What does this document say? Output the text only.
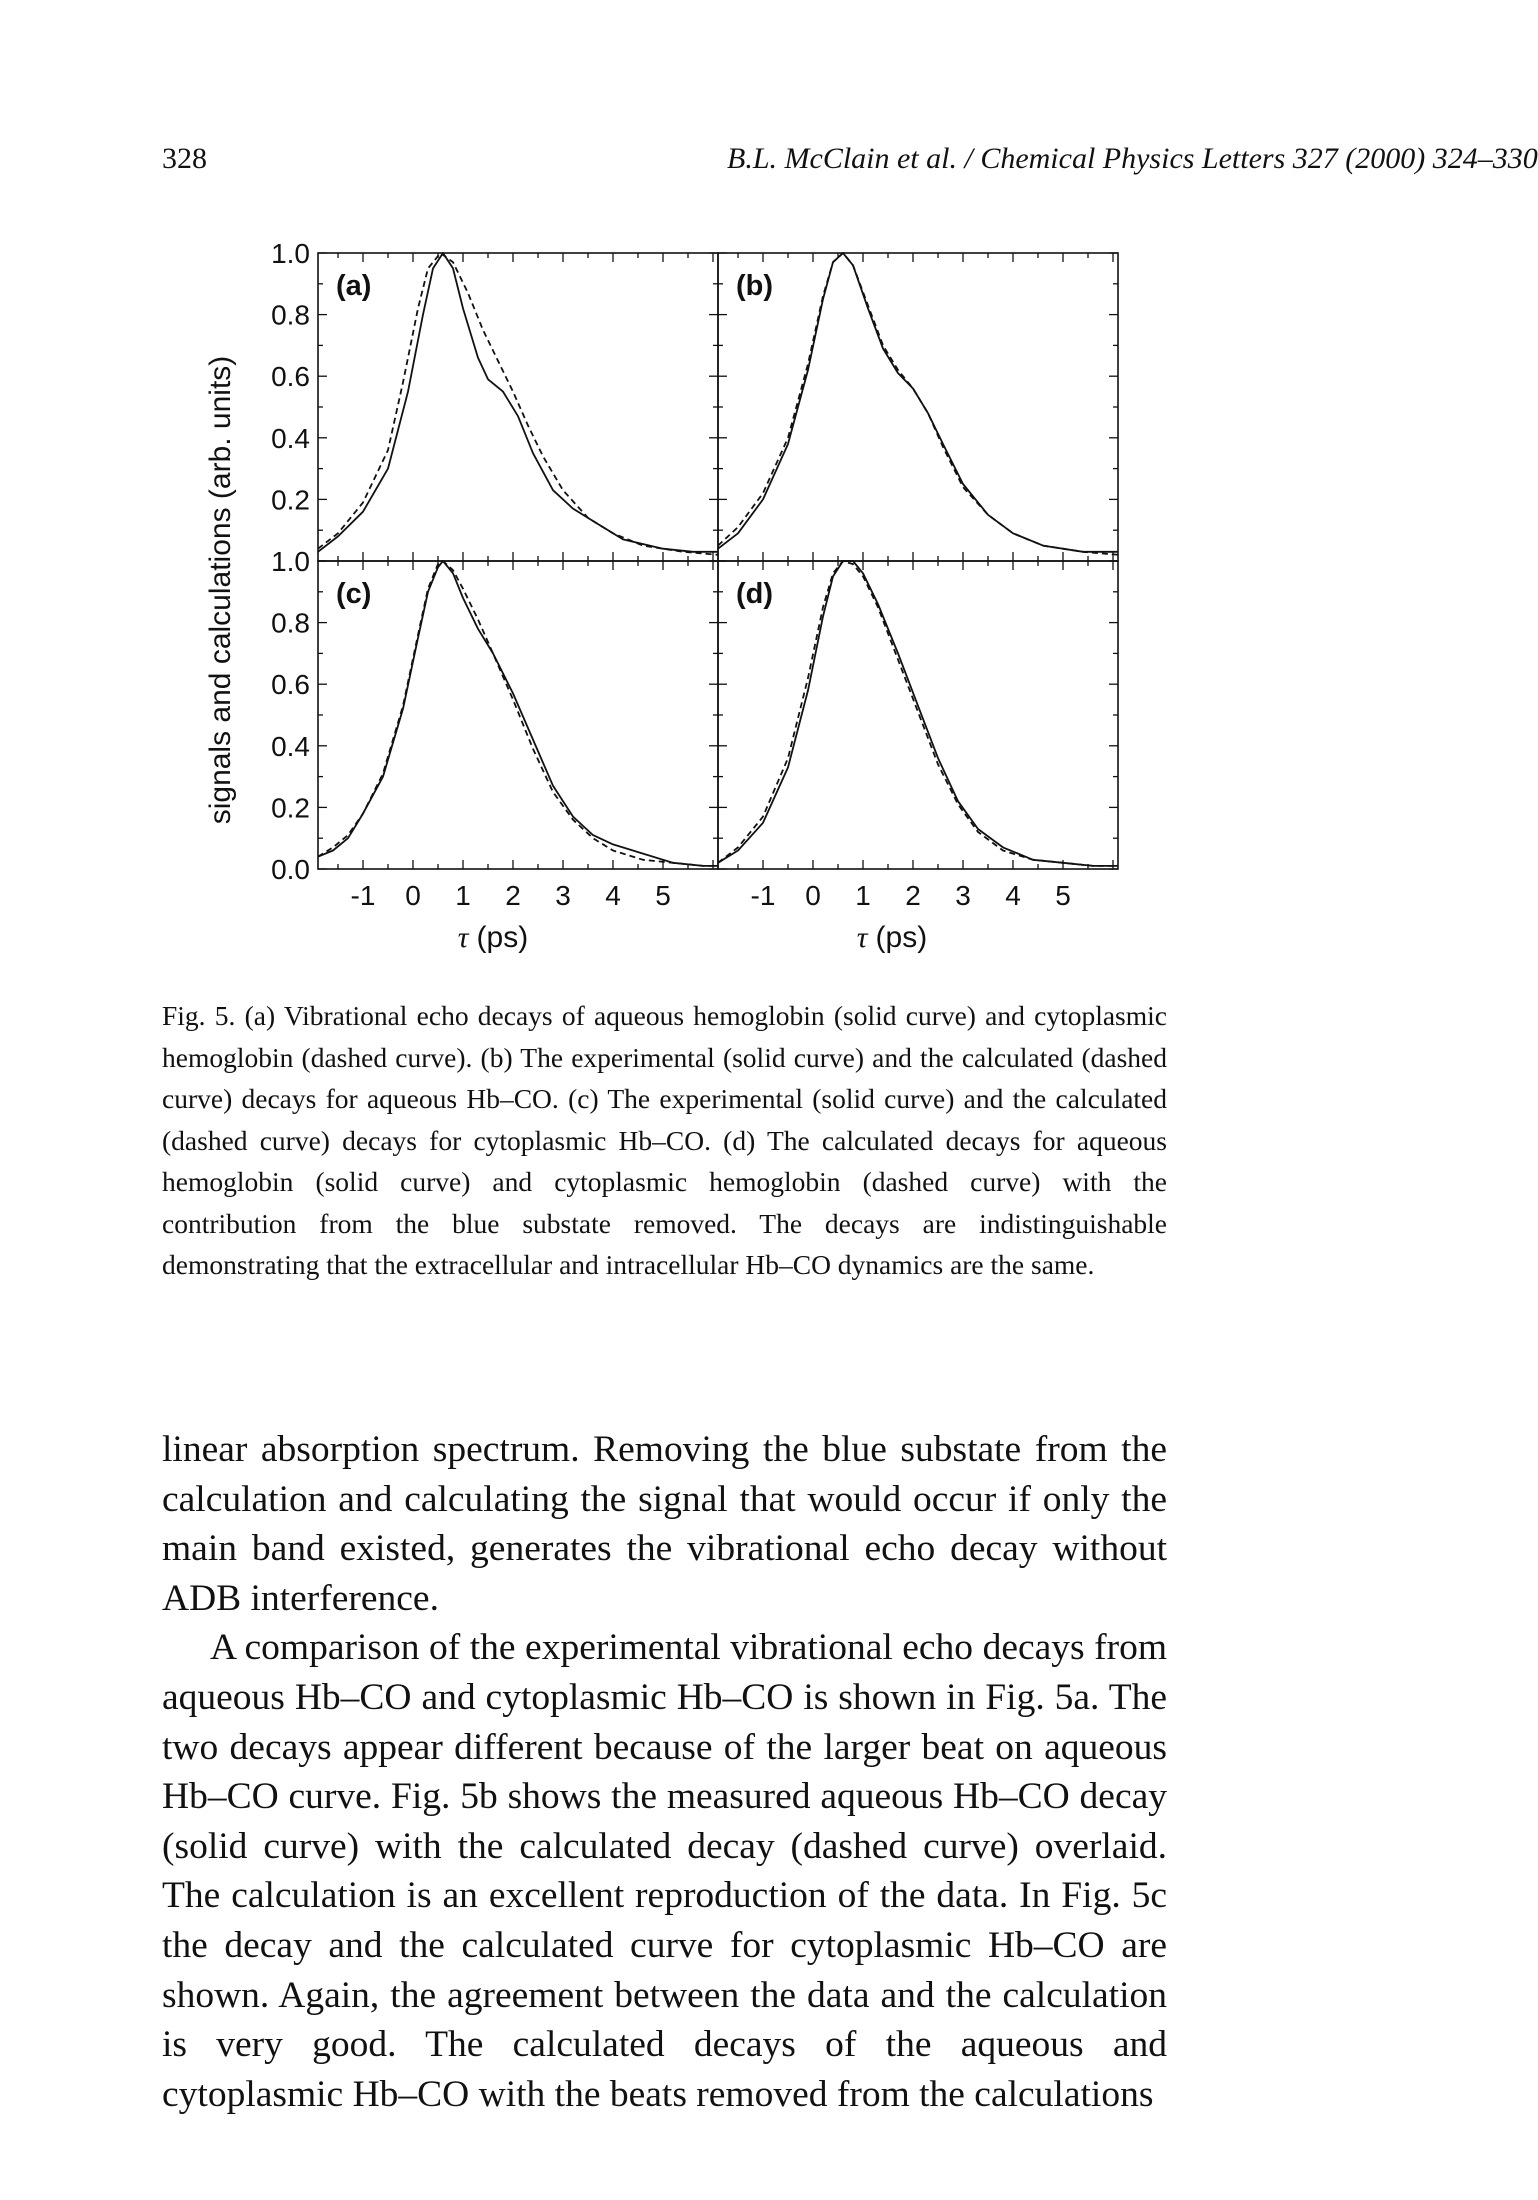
328	B.L. McClain et al. / Chemical Physics Letters 327 (2000) 324–330
signals and calculations (arb. units)
τ (ps)	τ (ps)
(a)
1.0
0.8
0.6
0.4
0.2
(b)
(c)
1.0
0.8
0.6
0.4
0.2
0.0
-1 0 1 2 3 4 5
(d)
-1 0 1 2 3 4 5
Fig. 5. (a) Vibrational echo decays of aqueous hemoglobin (solid curve) and cytoplasmic hemoglobin (dashed curve). (b) The experimental (solid curve) and the calculated (dashed curve) decays for aqueous Hb–CO. (c) The experimental (solid curve) and the calculated (dashed curve) decays for cytoplasmic Hb–CO. (d) The calculated decays for aqueous hemoglobin (solid curve) and cytoplasmic hemoglobin (dashed curve) with the contribution from the blue substate removed. The decays are indistinguishable demonstrating that the extracellular and intracellular Hb–CO dynamics are the same.

linear absorption spectrum. Removing the blue substate from the calculation and calculating the signal that would occur if only the main band existed, generates the vibrational echo decay without ADB interference.

A comparison of the experimental vibrational echo decays from aqueous Hb–CO and cytoplasmic Hb–CO is shown in Fig. 5a. The two decays appear different because of the larger beat on aqueous Hb–CO curve. Fig. 5b shows the measured aqueous Hb–CO decay (solid curve) with the calculated decay (dashed curve) overlaid. The calculation is an excellent reproduction of the data. In Fig. 5c the decay and the calculated curve for cytoplasmic Hb–CO are shown. Again, the agreement between the data and the calculation is very good. The calculated decays of the aqueous and cytoplasmic Hb–CO with the beats removed from the calculations
